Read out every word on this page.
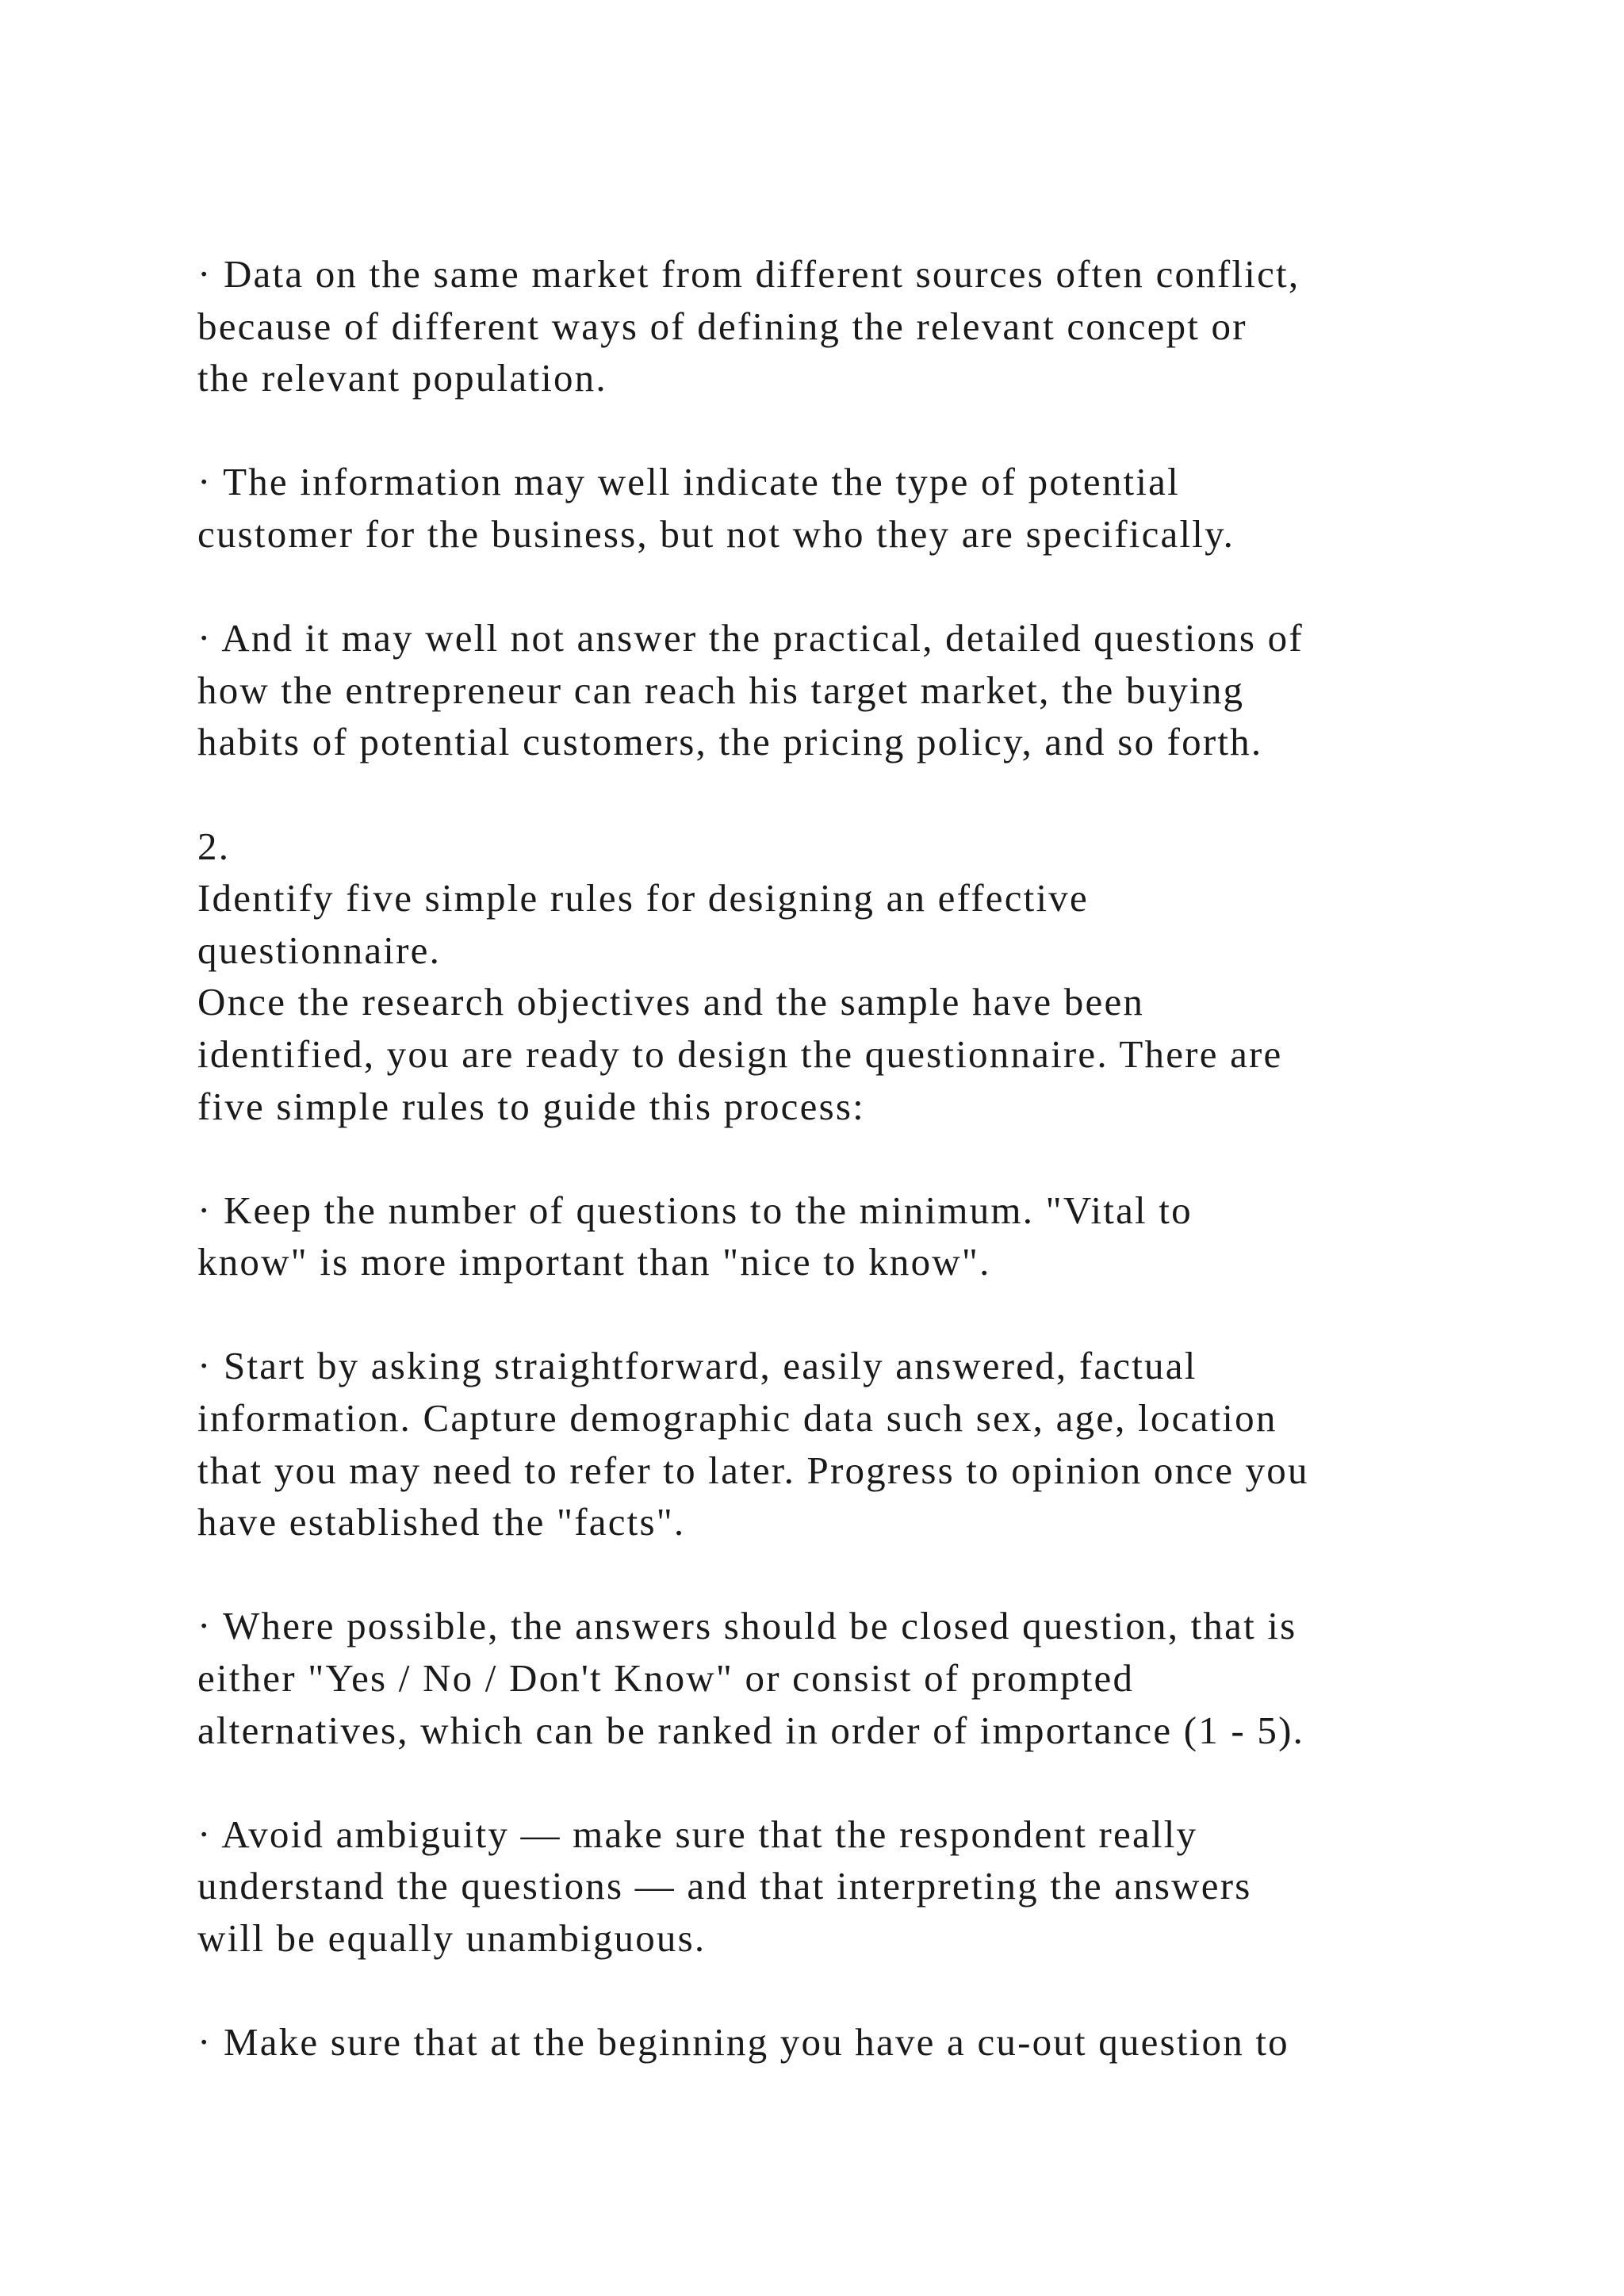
· Data on the same market from different sources often conflict,
because of different ways of defining the relevant concept or
the relevant population.
· The information may well indicate the type of potential
customer for the business, but not who they are specifically.
· And it may well not answer the practical, detailed questions of
how the entrepreneur can reach his target market, the buying
habits of potential customers, the pricing policy, and so forth.
2.
Identify five simple rules for designing an effective
questionnaire.
Once the research objectives and the sample have been
identified, you are ready to design the questionnaire. There are
five simple rules to guide this process:
· Keep the number of questions to the minimum. "Vital to
know" is more important than "nice to know".
· Start by asking straightforward, easily answered, factual
information. Capture demographic data such sex, age, location
that you may need to refer to later. Progress to opinion once you
have established the "facts".
· Where possible, the answers should be closed question, that is
either "Yes / No / Don't Know" or consist of prompted
alternatives, which can be ranked in order of importance (1 - 5).
· Avoid ambiguity — make sure that the respondent really
understand the questions — and that interpreting the answers
will be equally unambiguous.
· Make sure that at the beginning you have a cu-out question to
